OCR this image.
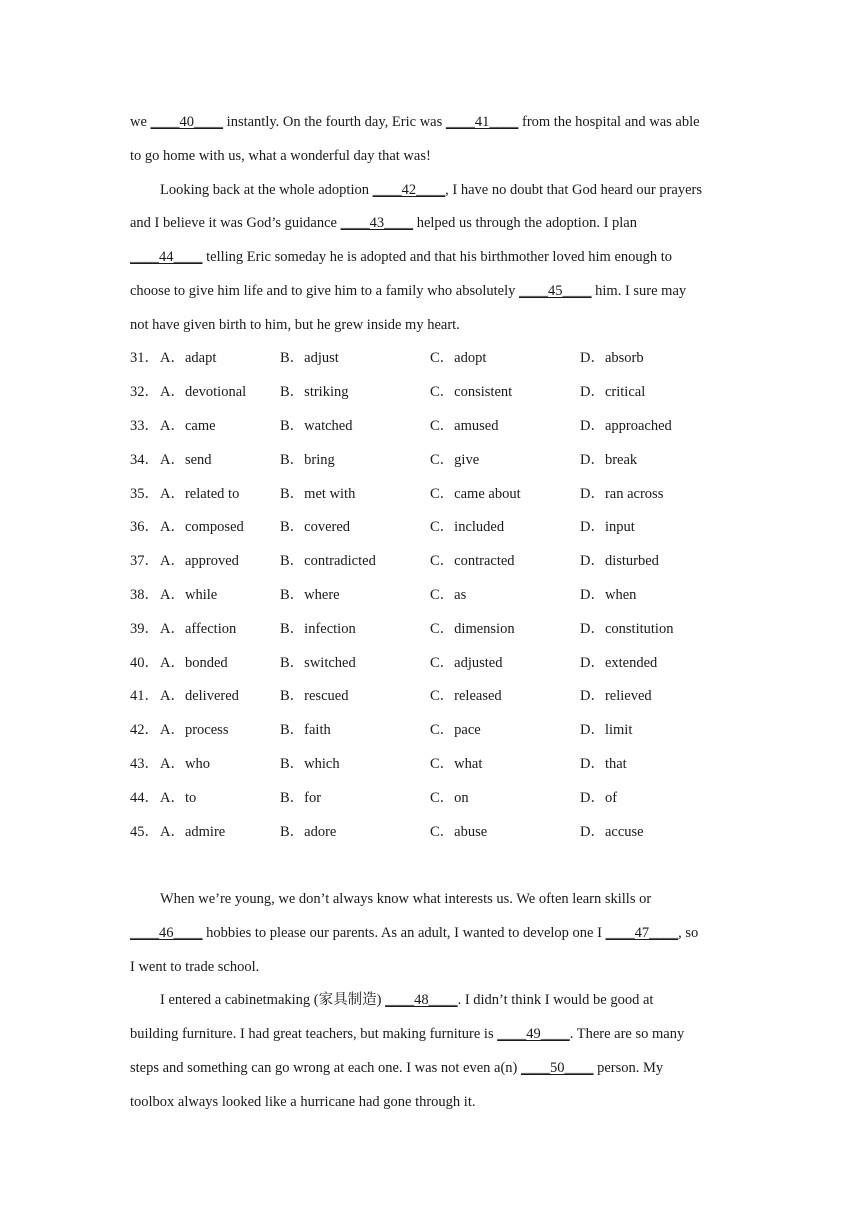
we ____40____ instantly. On the fourth day, Eric was ____41____ from the hospital and was able
to go home with us, what a wonderful day that was!
Looking back at the whole adoption ____42____, I have no doubt that God heard our prayers
and I believe it was God’s guidance ____43____ helped us through the adoption. I plan
____44____ telling Eric someday he is adopted and that his birthmother loved him enough to
choose to give him life and to give him to a family who absolutely ____45____ him. I sure may
not have given birth to him, but he grew inside my heart.
31． A．adapt	B．adjust	C．adopt	D．absorb
32． A．devotional B．striking	C．consistent	D．critical
33． A．came	B．watched	C．amused	D．approached
34． A．send	B．bring	C．give	D．break
35． A．related to	B．met with	C．came about	D．ran across
36． A．composed B．covered	C．included	D．input
37． A．approved	B．contradicted	C．contracted	D．disturbed
38． A．while	B．where	C．as	D．when
39． A．affection	B．infection	C．dimension	D．constitution
40． A．bonded	B．switched	C．adjusted	D．extended
41． A．delivered	B．rescued	C．released	D．relieved
42． A．process	B．faith	C．pace	D．limit
43． A．who	B．which	C．what	D．that
44． A．to	B．for	C．on	D．of
45． A．admire	B．adore	C．abuse	D．accuse
When we’re young, we don’t always know what interests us. We often learn skills or
____46____ hobbies to please our parents. As an adult, I wanted to develop one I ____47____, so
I went to trade school.
I entered a cabinetmaking (家具制造) ____48____. I didn’t think I would be good at
building furniture. I had great teachers, but making furniture is ____49____. There are so many
steps and something can go wrong at each one. I was not even a(n) ____50____ person. My
toolbox always looked like a hurricane had gone through it.
